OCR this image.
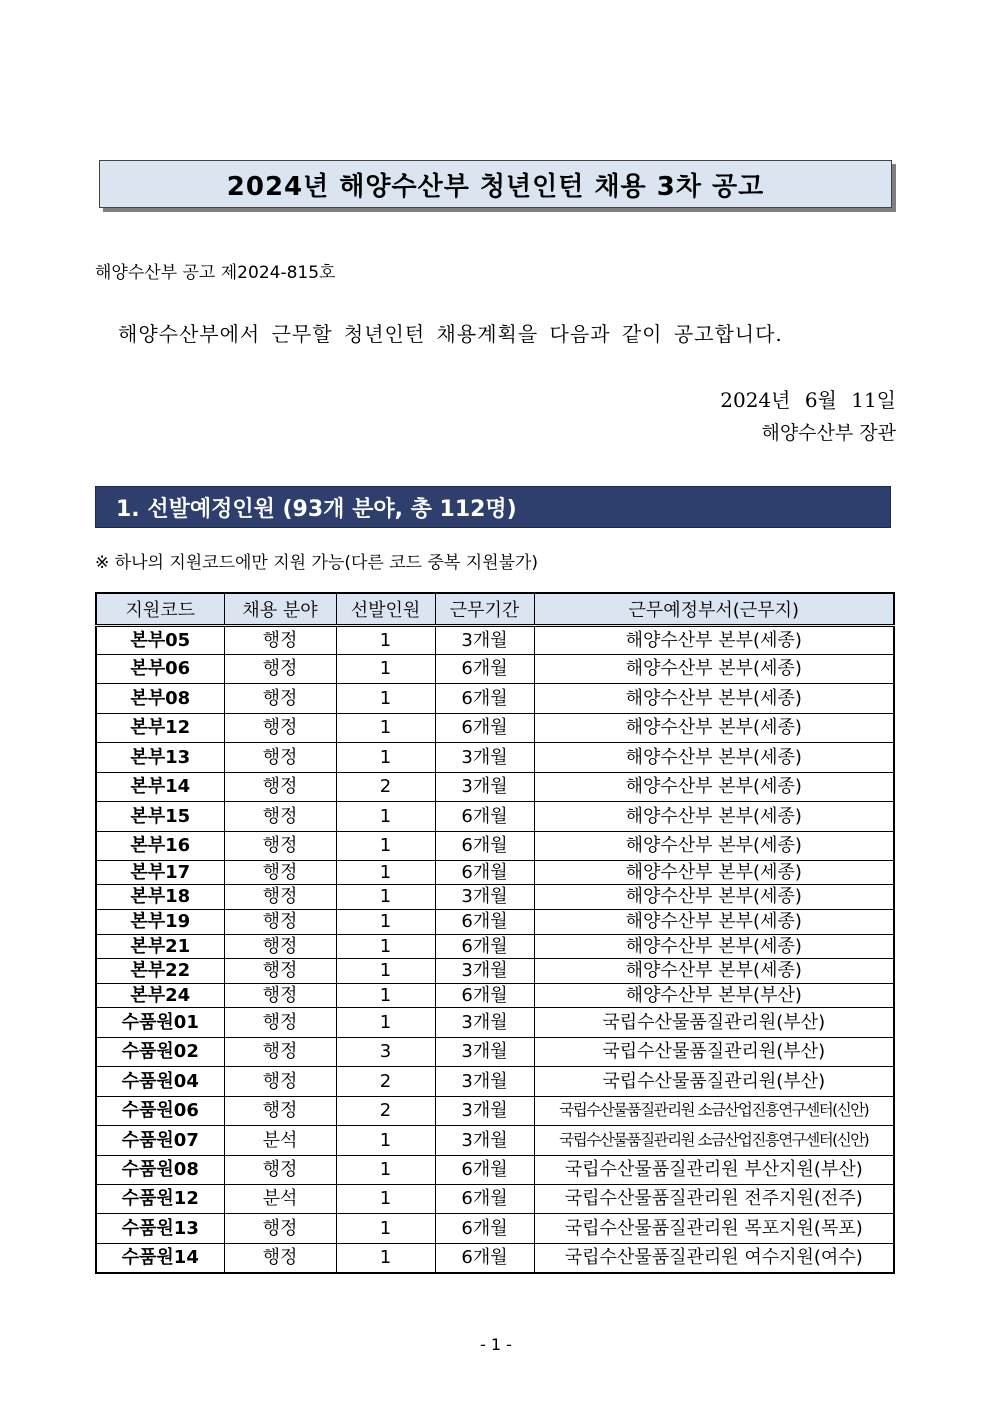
2024년 해양수산부 청년인턴 채용 3차 공고
해양수산부 공고 제2024-815호
해양수산부에서 근무할 청년인턴 채용계획을 다음과 같이 공고합니다.
2024년 6월 11일
해양수산부 장관
1. 선발예정인원 (93개 분야, 총 112명)
※ 하나의 지원코드에만 지원 가능(다른 코드 중복 지원불가)
지원코드	채용 분야	선발인원	근무기간	근무예정부서(근무지)
본부05	행정	1	3개월	해양수산부 본부(세종)
본부06	행정	1	6개월	해양수산부 본부(세종)
본부08	행정	1	6개월	해양수산부 본부(세종)
본부12	행정	1	6개월	해양수산부 본부(세종)
본부13	행정	1	3개월	해양수산부 본부(세종)
본부14	행정	2	3개월	해양수산부 본부(세종)
본부15	행정	1	6개월	해양수산부 본부(세종)
본부16	행정	1	6개월	해양수산부 본부(세종)
본부17	행정	1	6개월	해양수산부 본부(세종)
본부18	행정	1	3개월	해양수산부 본부(세종)
본부19	행정	1	6개월	해양수산부 본부(세종)
본부21	행정	1	6개월	해양수산부 본부(세종)
본부22	행정	1	3개월	해양수산부 본부(세종)
본부24	행정	1	6개월	해양수산부 본부(부산)
수품원01	행정	1	3개월	국립수산물품질관리원(부산)
수품원02	행정	3	3개월	국립수산물품질관리원(부산)
수품원04	행정	2	3개월	국립수산물품질관리원(부산)
수품원06	행정	2	3개월	국립수산물품질관리원 소금산업진흥연구센터(신안)
수품원07	분석	1	3개월	국립수산물품질관리원 소금산업진흥연구센터(신안)
수품원08	행정	1	6개월	국립수산물품질관리원 부산지원(부산)
수품원12	분석	1	6개월	국립수산물품질관리원 전주지원(전주)
수품원13	행정	1	6개월	국립수산물품질관리원 목포지원(목포)
수품원14	행정	1	6개월	국립수산물품질관리원 여수지원(여수)
- 1 -
